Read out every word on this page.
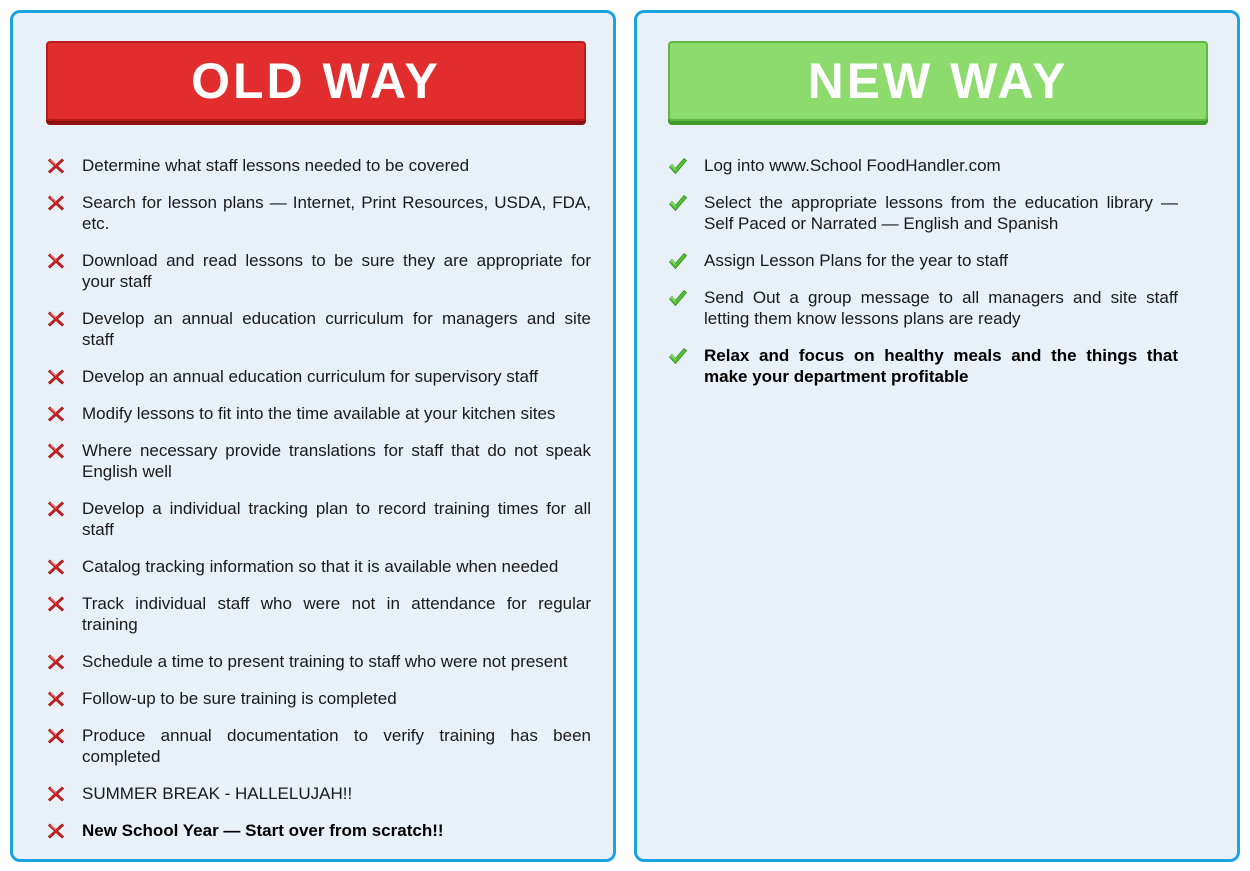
OLD WAY
Determine what staff lessons needed to be covered
Search for lesson plans — Internet, Print Resources, USDA, FDA, etc.
Download and read lessons to be sure they are appropriate for your staff
Develop an annual education curriculum for managers and site staff
Develop an annual education curriculum for supervisory staff
Modify lessons to fit into the time available at your kitchen sites
Where necessary provide translations for staff that do not speak English well
Develop a individual tracking plan to record training times for all staff
Catalog tracking information so that it is available when needed
Track individual staff who were not in attendance for regular training
Schedule a time to present training to staff who were not present
Follow-up to be sure training is completed
Produce annual documentation to verify training has been completed
SUMMER BREAK - HALLELUJAH!!
New School Year — Start over from scratch!!
NEW WAY
Log into www.School FoodHandler.com
Select the appropriate lessons from the education library — Self Paced or Narrated — English and Spanish
Assign Lesson Plans for the year to staff
Send Out a group message to all managers and site staff letting them know lessons plans are ready
Relax and focus on healthy meals and the things that make your department profitable
